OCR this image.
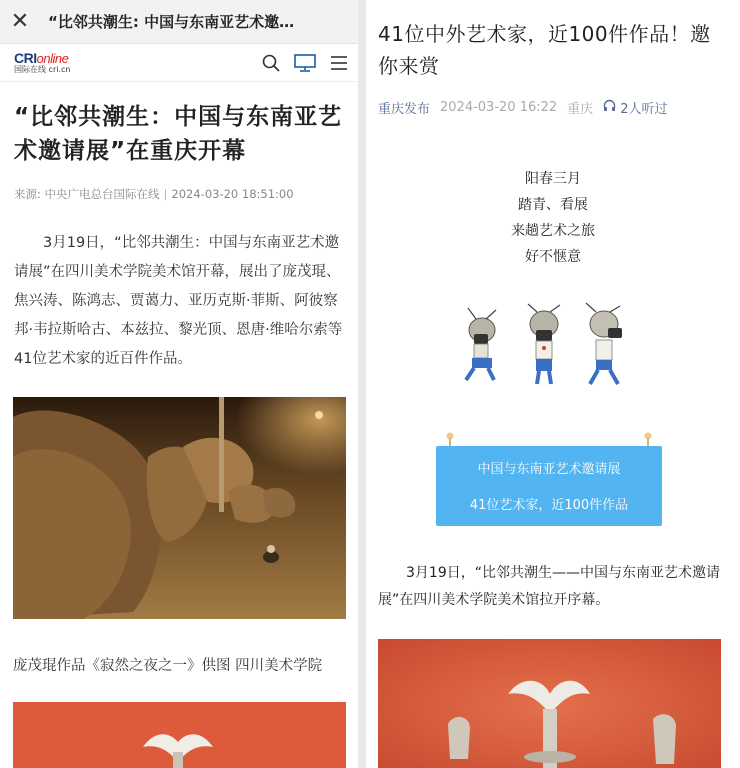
✕	“比邻共潮生: 中国与东南亚艺术邀…
CRIonline
国际在线 cri.cn
“比邻共潮生：中国与东南亚艺术邀请展”在重庆开幕
来源: 中央广电总台国际在线 | 2024-03-20 18:51:00
3月19日，“比邻共潮生：中国与东南亚艺术邀请展”在四川美术学院美术馆开幕，展出了庞茂琨、焦兴涛、陈鸿志、贾蔼力、亚历克斯·菲斯、阿彼察邦·韦拉斯哈古、本兹拉、黎光顶、恩唐·维哈尔索等41位艺术家的近百件作品。
庞茂琨作品《寂然之夜之一》供图 四川美术学院
41位中外艺术家，近100件作品！邀你来赏
重庆发布 2024-03-20 16:22 重庆 2人听过
阳春三月
踏青、看展
来趟艺术之旅
好不惬意
中国与东南亚艺术邀请展
41位艺术家，近100件作品
3月19日，“比邻共潮生——中国与东南亚艺术邀请展”在四川美术学院美术馆拉开序幕。
